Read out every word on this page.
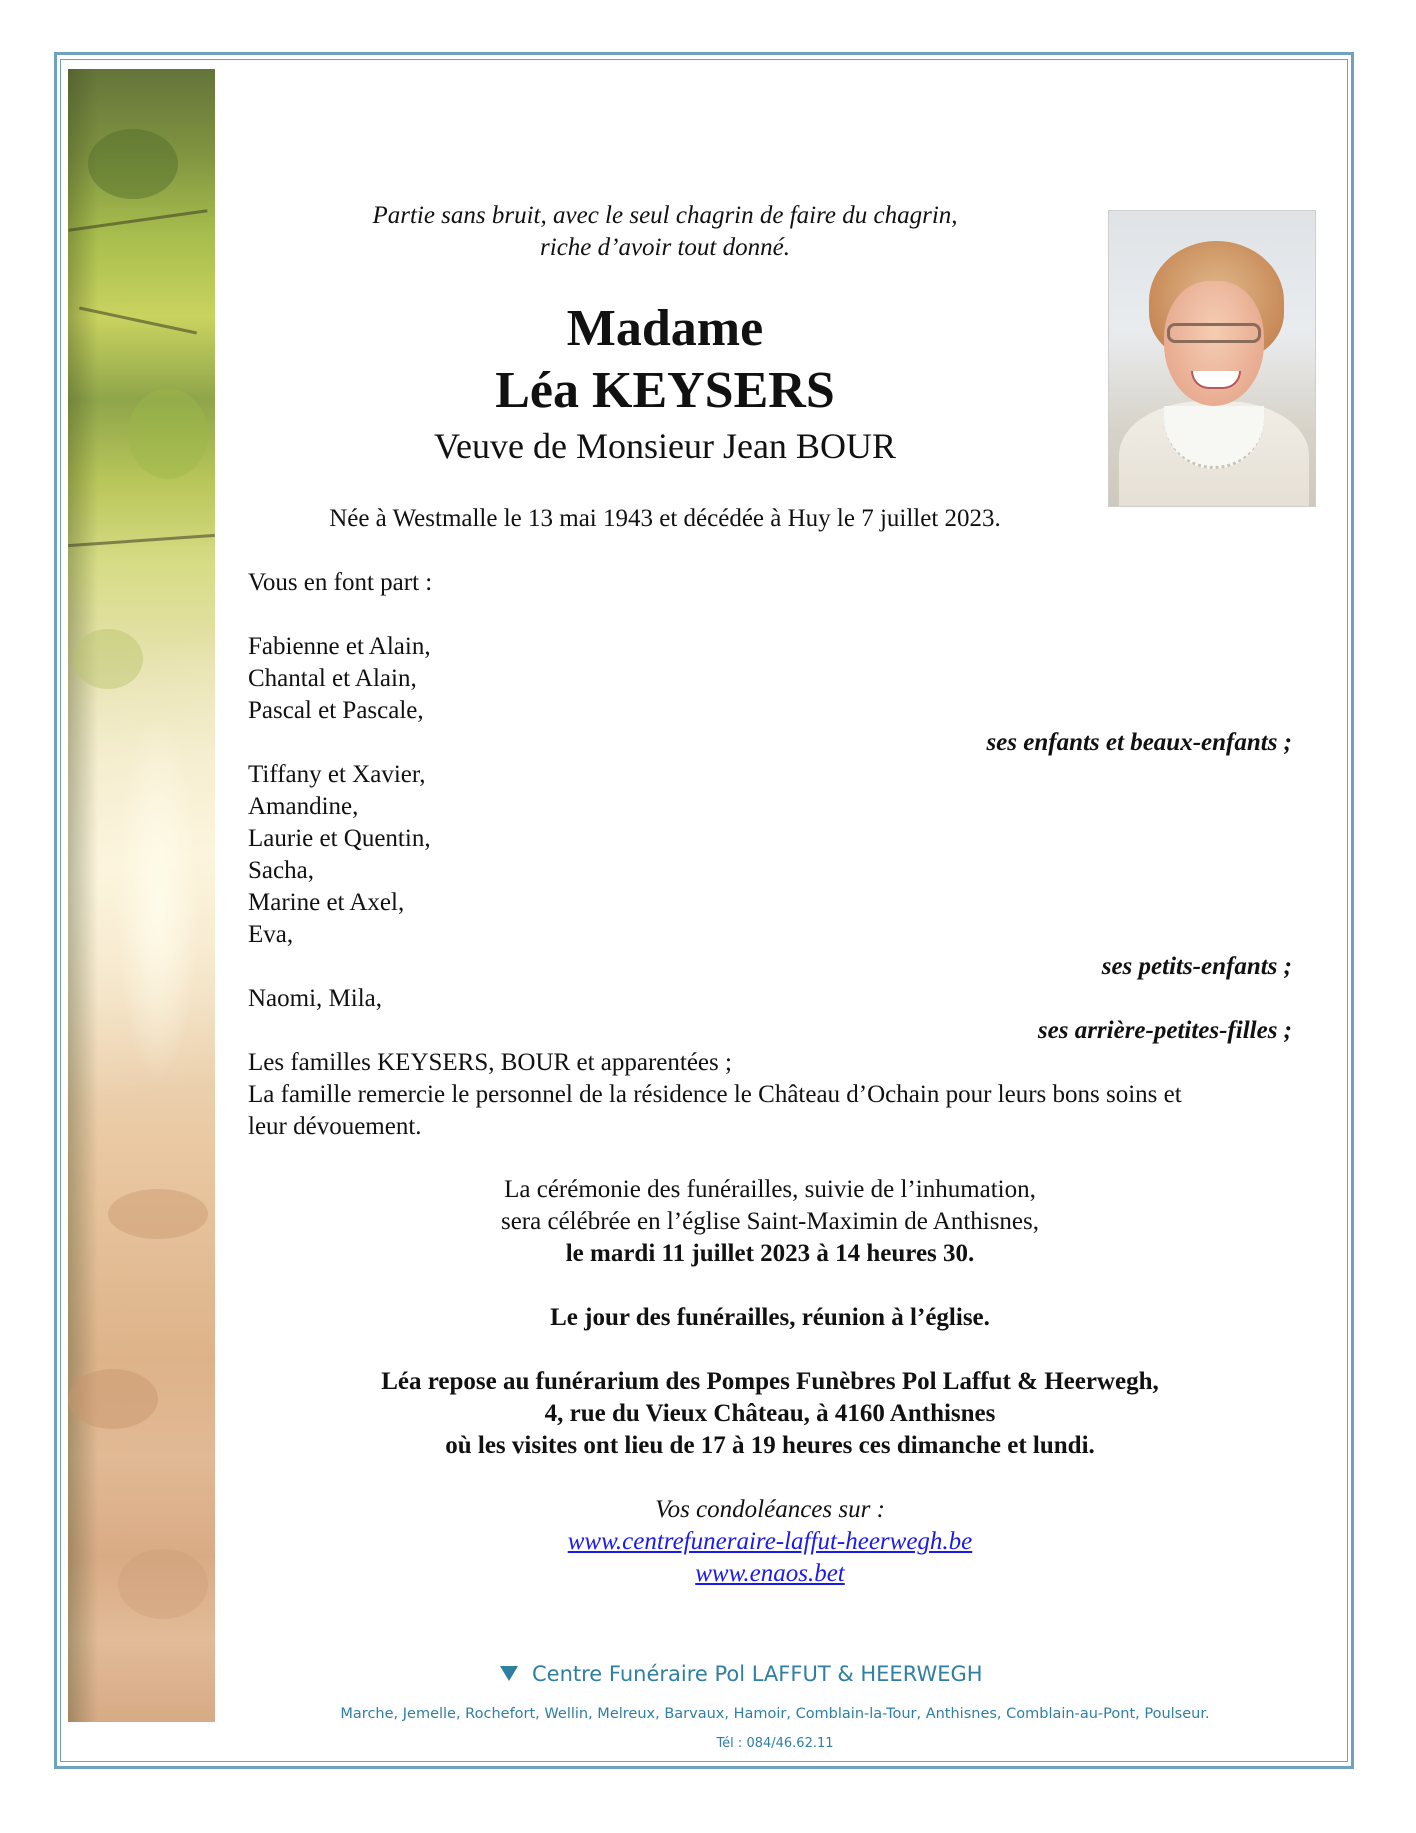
Partie sans bruit, avec le seul chagrin de faire du chagrin,

riche d’avoir tout donné.

Madame
Léa KEYSERS

Veuve de Monsieur Jean BOUR

Née à Westmalle le 13 mai 1943 et décédée à Huy le 7 juillet 2023.

Vous en font part :

Fabienne et Alain,

Chantal et Alain,

Pascal et Pascale,

ses enfants et beaux-enfants ;

Tiffany et Xavier,

Amandine,

Laurie et Quentin,

Sacha,

Marine et Axel,

Eva,

ses petits-enfants ;

Naomi, Mila,

ses arrière-petites-filles ;

Les familles KEYSERS, BOUR et apparentées ;

La famille remercie le personnel de la résidence le Château d’Ochain pour leurs bons soins et

leur dévouement.

La cérémonie des funérailles, suivie de l’inhumation,

sera célébrée en l’église Saint-Maximin de Anthisnes,

le mardi 11 juillet 2023 à 14 heures 30.

Le jour des funérailles, réunion à l’église.

Léa repose au funérarium des Pompes Funèbres Pol Laffut & Heerwegh,

4, rue du Vieux Château, à 4160 Anthisnes

où les visites ont lieu de 17 à 19 heures ces dimanche et lundi.

Vos condoléances sur :

www.centrefuneraire-laffut-heerwegh.be

www.enaos.bet

Centre Funéraire Pol LAFFUT & HEERWEGH
Marche, Jemelle, Rochefort, Wellin, Melreux, Barvaux, Hamoir, Comblain-la-Tour, Anthisnes, Comblain-au-Pont, Poulseur.
Tél : 084/46.62.11
